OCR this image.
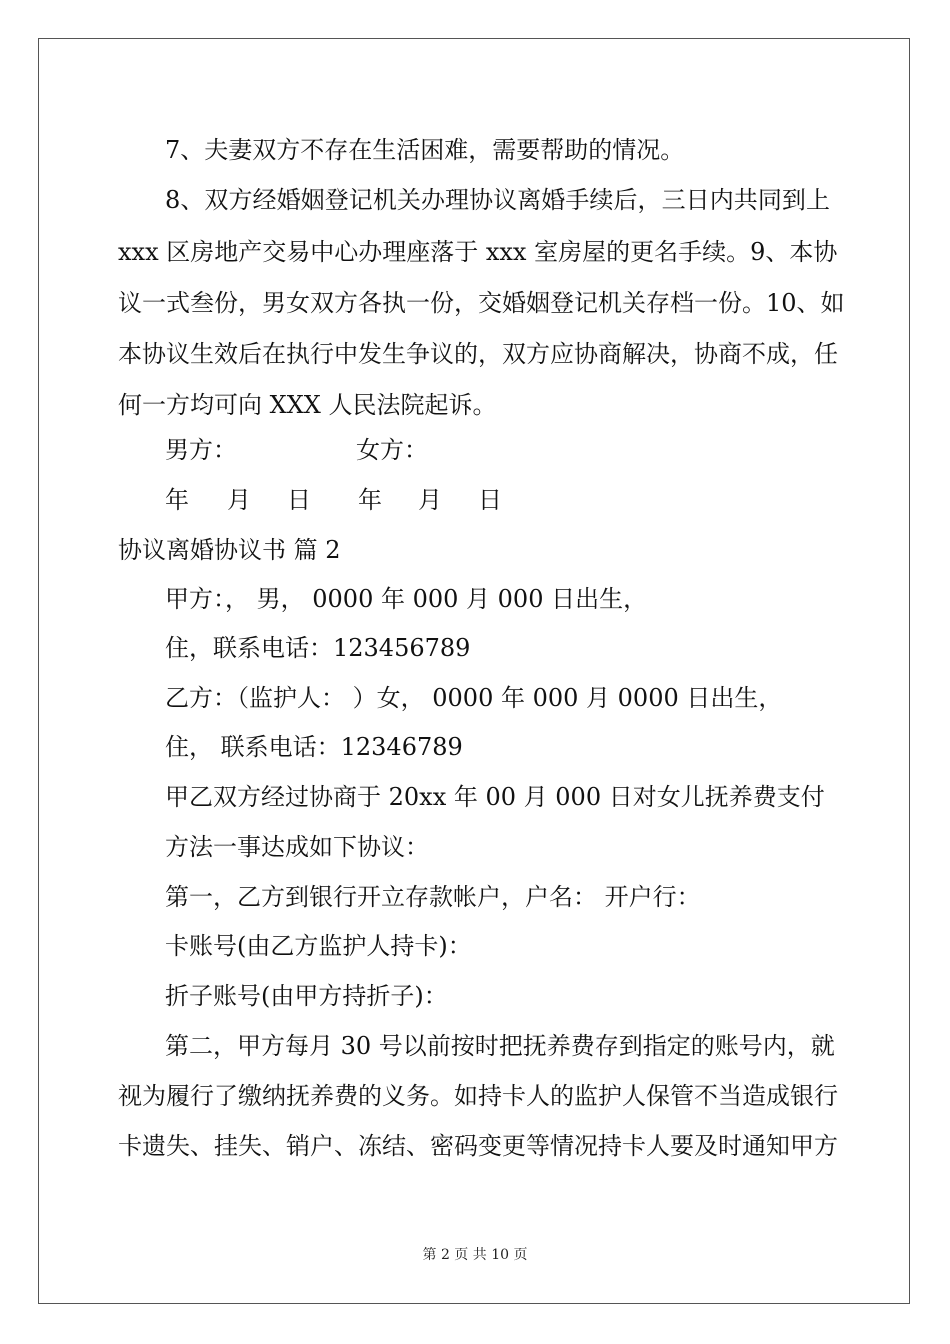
7、夫妻双方不存在生活困难，需要帮助的情况。
8、双方经婚姻登记机关办理协议离婚手续后，三日内共同到上
xxx 区房地产交易中心办理座落于 xxx 室房屋的更名手续。9、本协
议一式叁份，男女双方各执一份，交婚姻登记机关存档一份。10、如
本协议生效后在执行中发生争议的，双方应协商解决，协商不成，任
何一方均可向 XXX 人民法院起诉。
男方：	女方：
年 月 日 年 月 日
协议离婚协议书 篇 2
甲方：， 男， 0000 年 000 月 000 日出生，
住，联系电话：123456789
乙方：（监护人： ）女， 0000 年 000 月 0000 日出生，
住， 联系电话：12346789
甲乙双方经过协商于 20xx 年 00 月 000 日对女儿抚养费支付
方法一事达成如下协议：
第一，乙方到银行开立存款帐户，户名： 开户行：
卡账号(由乙方监护人持卡)：
折子账号(由甲方持折子)：
第二，甲方每月 30 号以前按时把抚养费存到指定的账号内，就
视为履行了缴纳抚养费的义务。如持卡人的监护人保管不当造成银行
卡遗失、挂失、销户、冻结、密码变更等情况持卡人要及时通知甲方
第 2 页 共 10 页
